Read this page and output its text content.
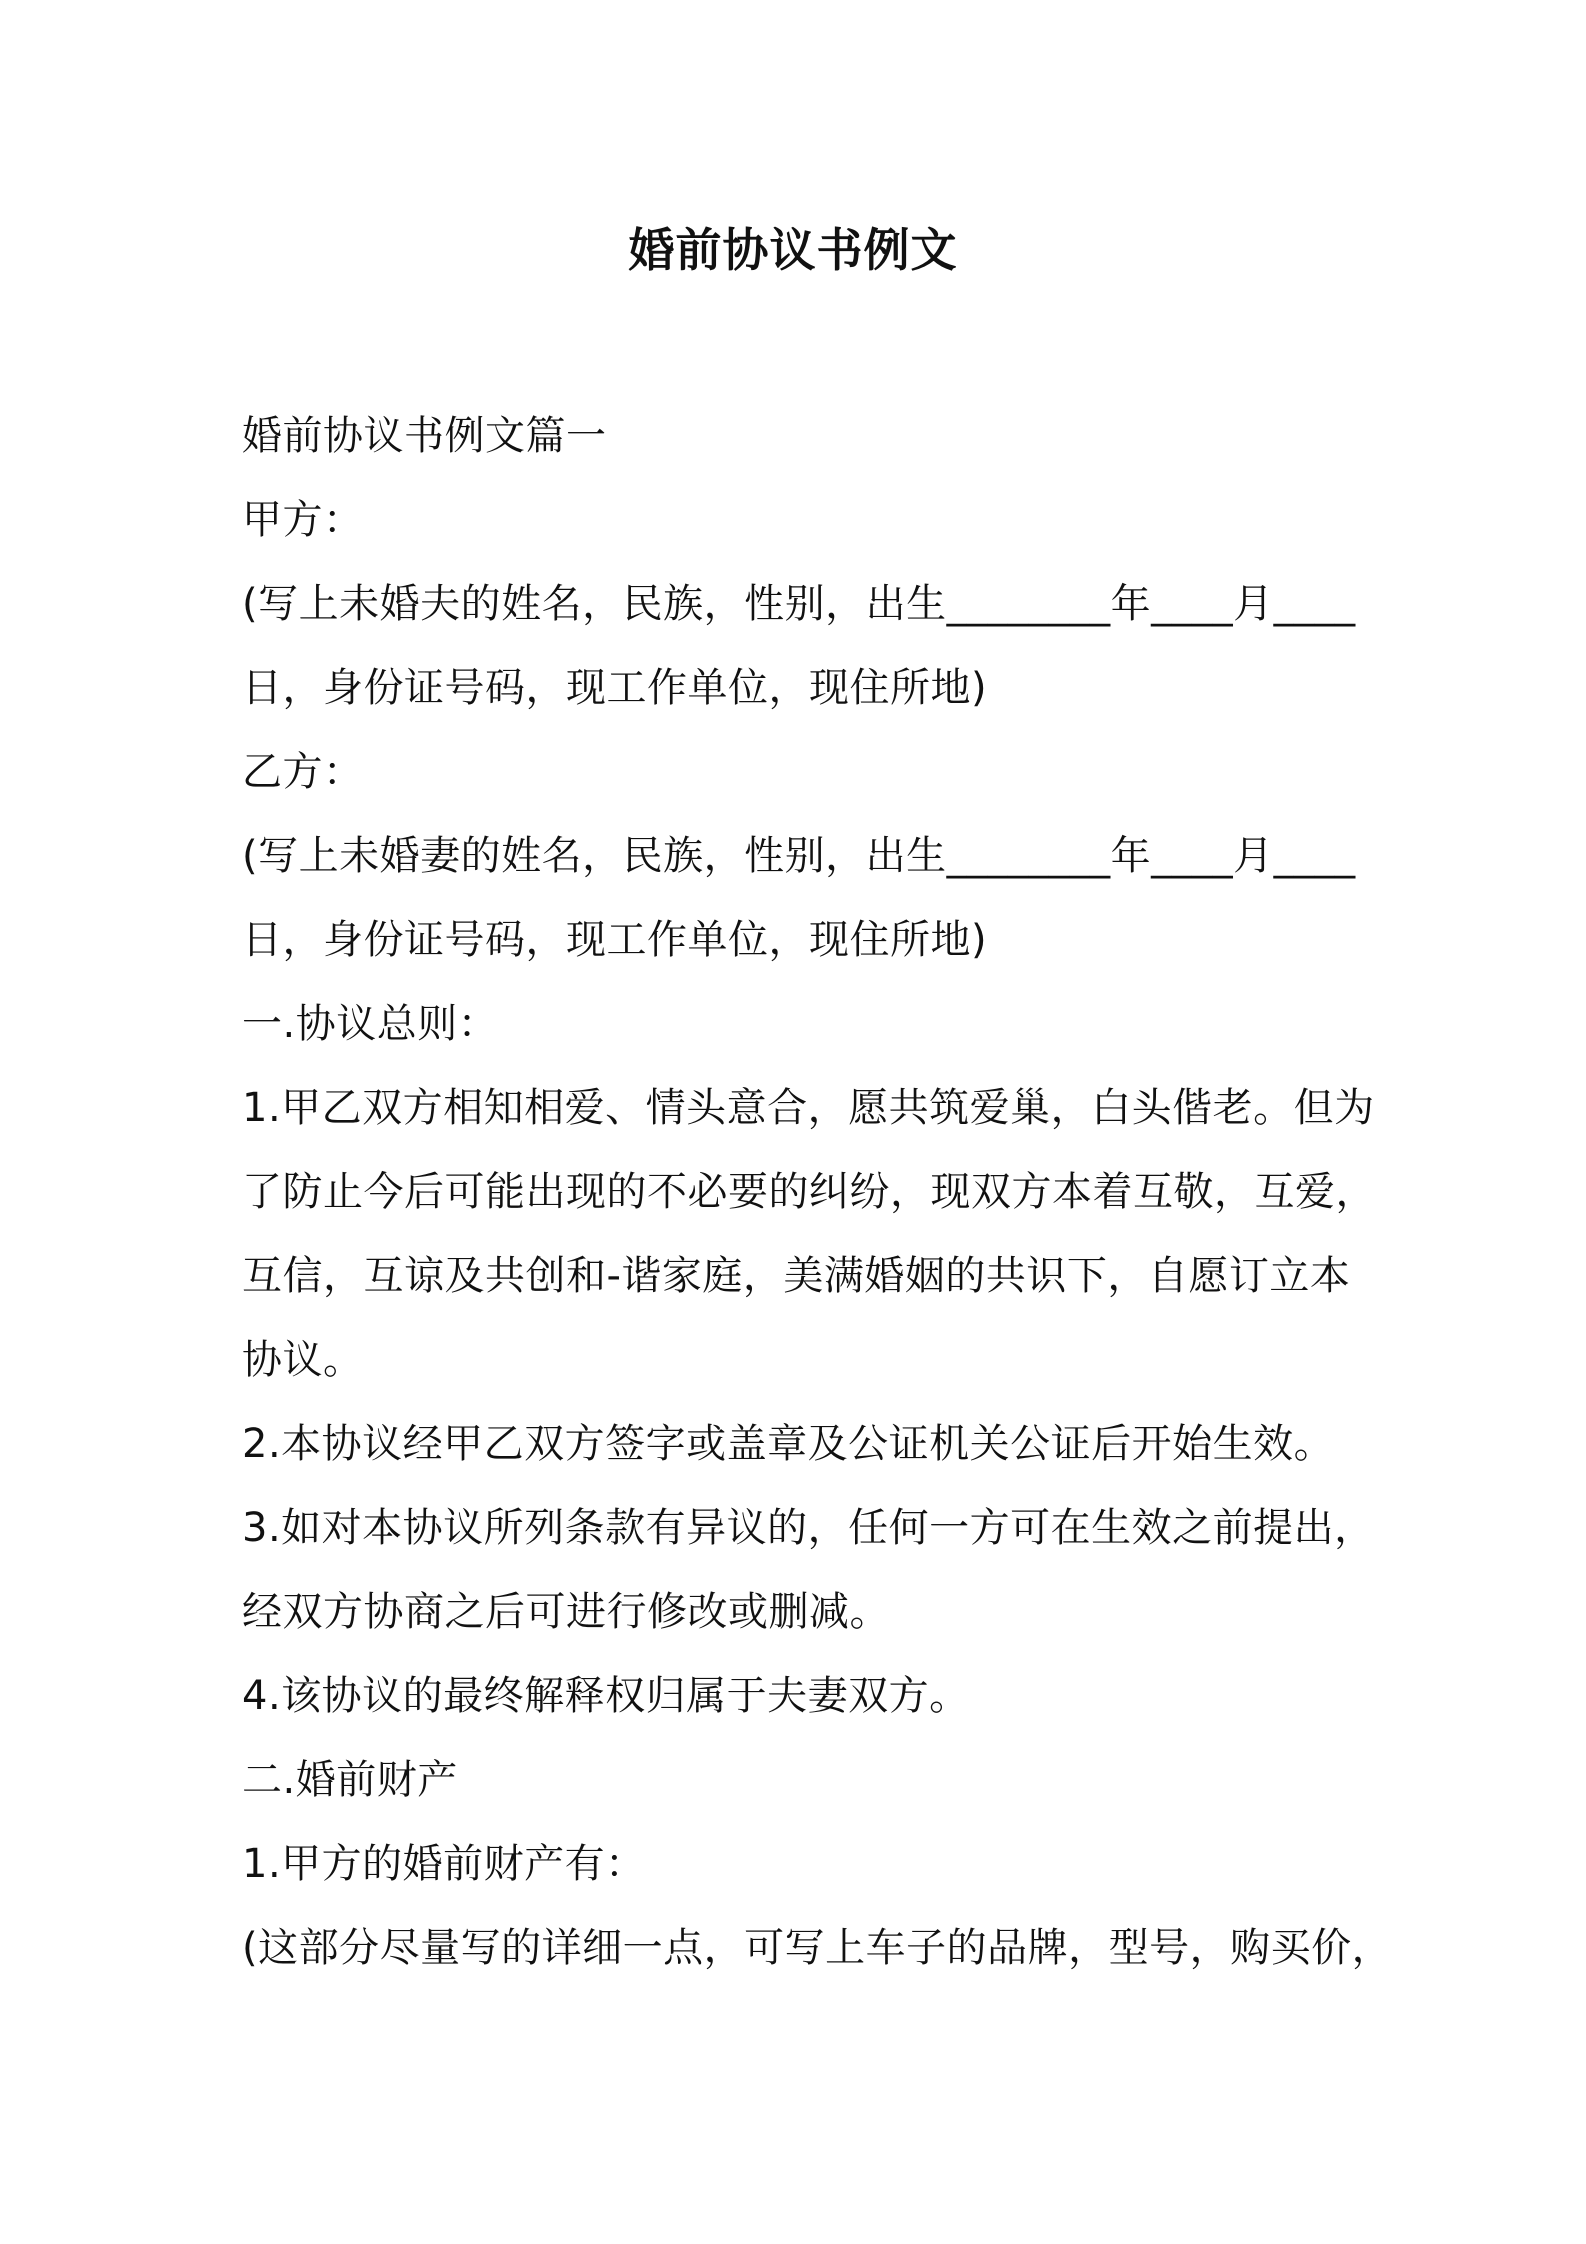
婚前协议书例文
婚前协议书例文篇一
甲方：
(写上未婚夫的姓名，民族，性别，出生________年____月____
日，身份证号码，现工作单位，现住所地)
乙方：
(写上未婚妻的姓名，民族，性别，出生________年____月____
日，身份证号码，现工作单位，现住所地)
一.协议总则：
1.甲乙双方相知相爱、情头意合，愿共筑爱巢，白头偕老。但为
了防止今后可能出现的不必要的纠纷，现双方本着互敬，互爱，
互信，互谅及共创和-谐家庭，美满婚姻的共识下，自愿订立本
协议。
2.本协议经甲乙双方签字或盖章及公证机关公证后开始生效。
3.如对本协议所列条款有异议的，任何一方可在生效之前提出，
经双方协商之后可进行修改或删减。
4.该协议的最终解释权归属于夫妻双方。
二.婚前财产
1.甲方的婚前财产有：
(这部分尽量写的详细一点，可写上车子的品牌，型号，购买价，
